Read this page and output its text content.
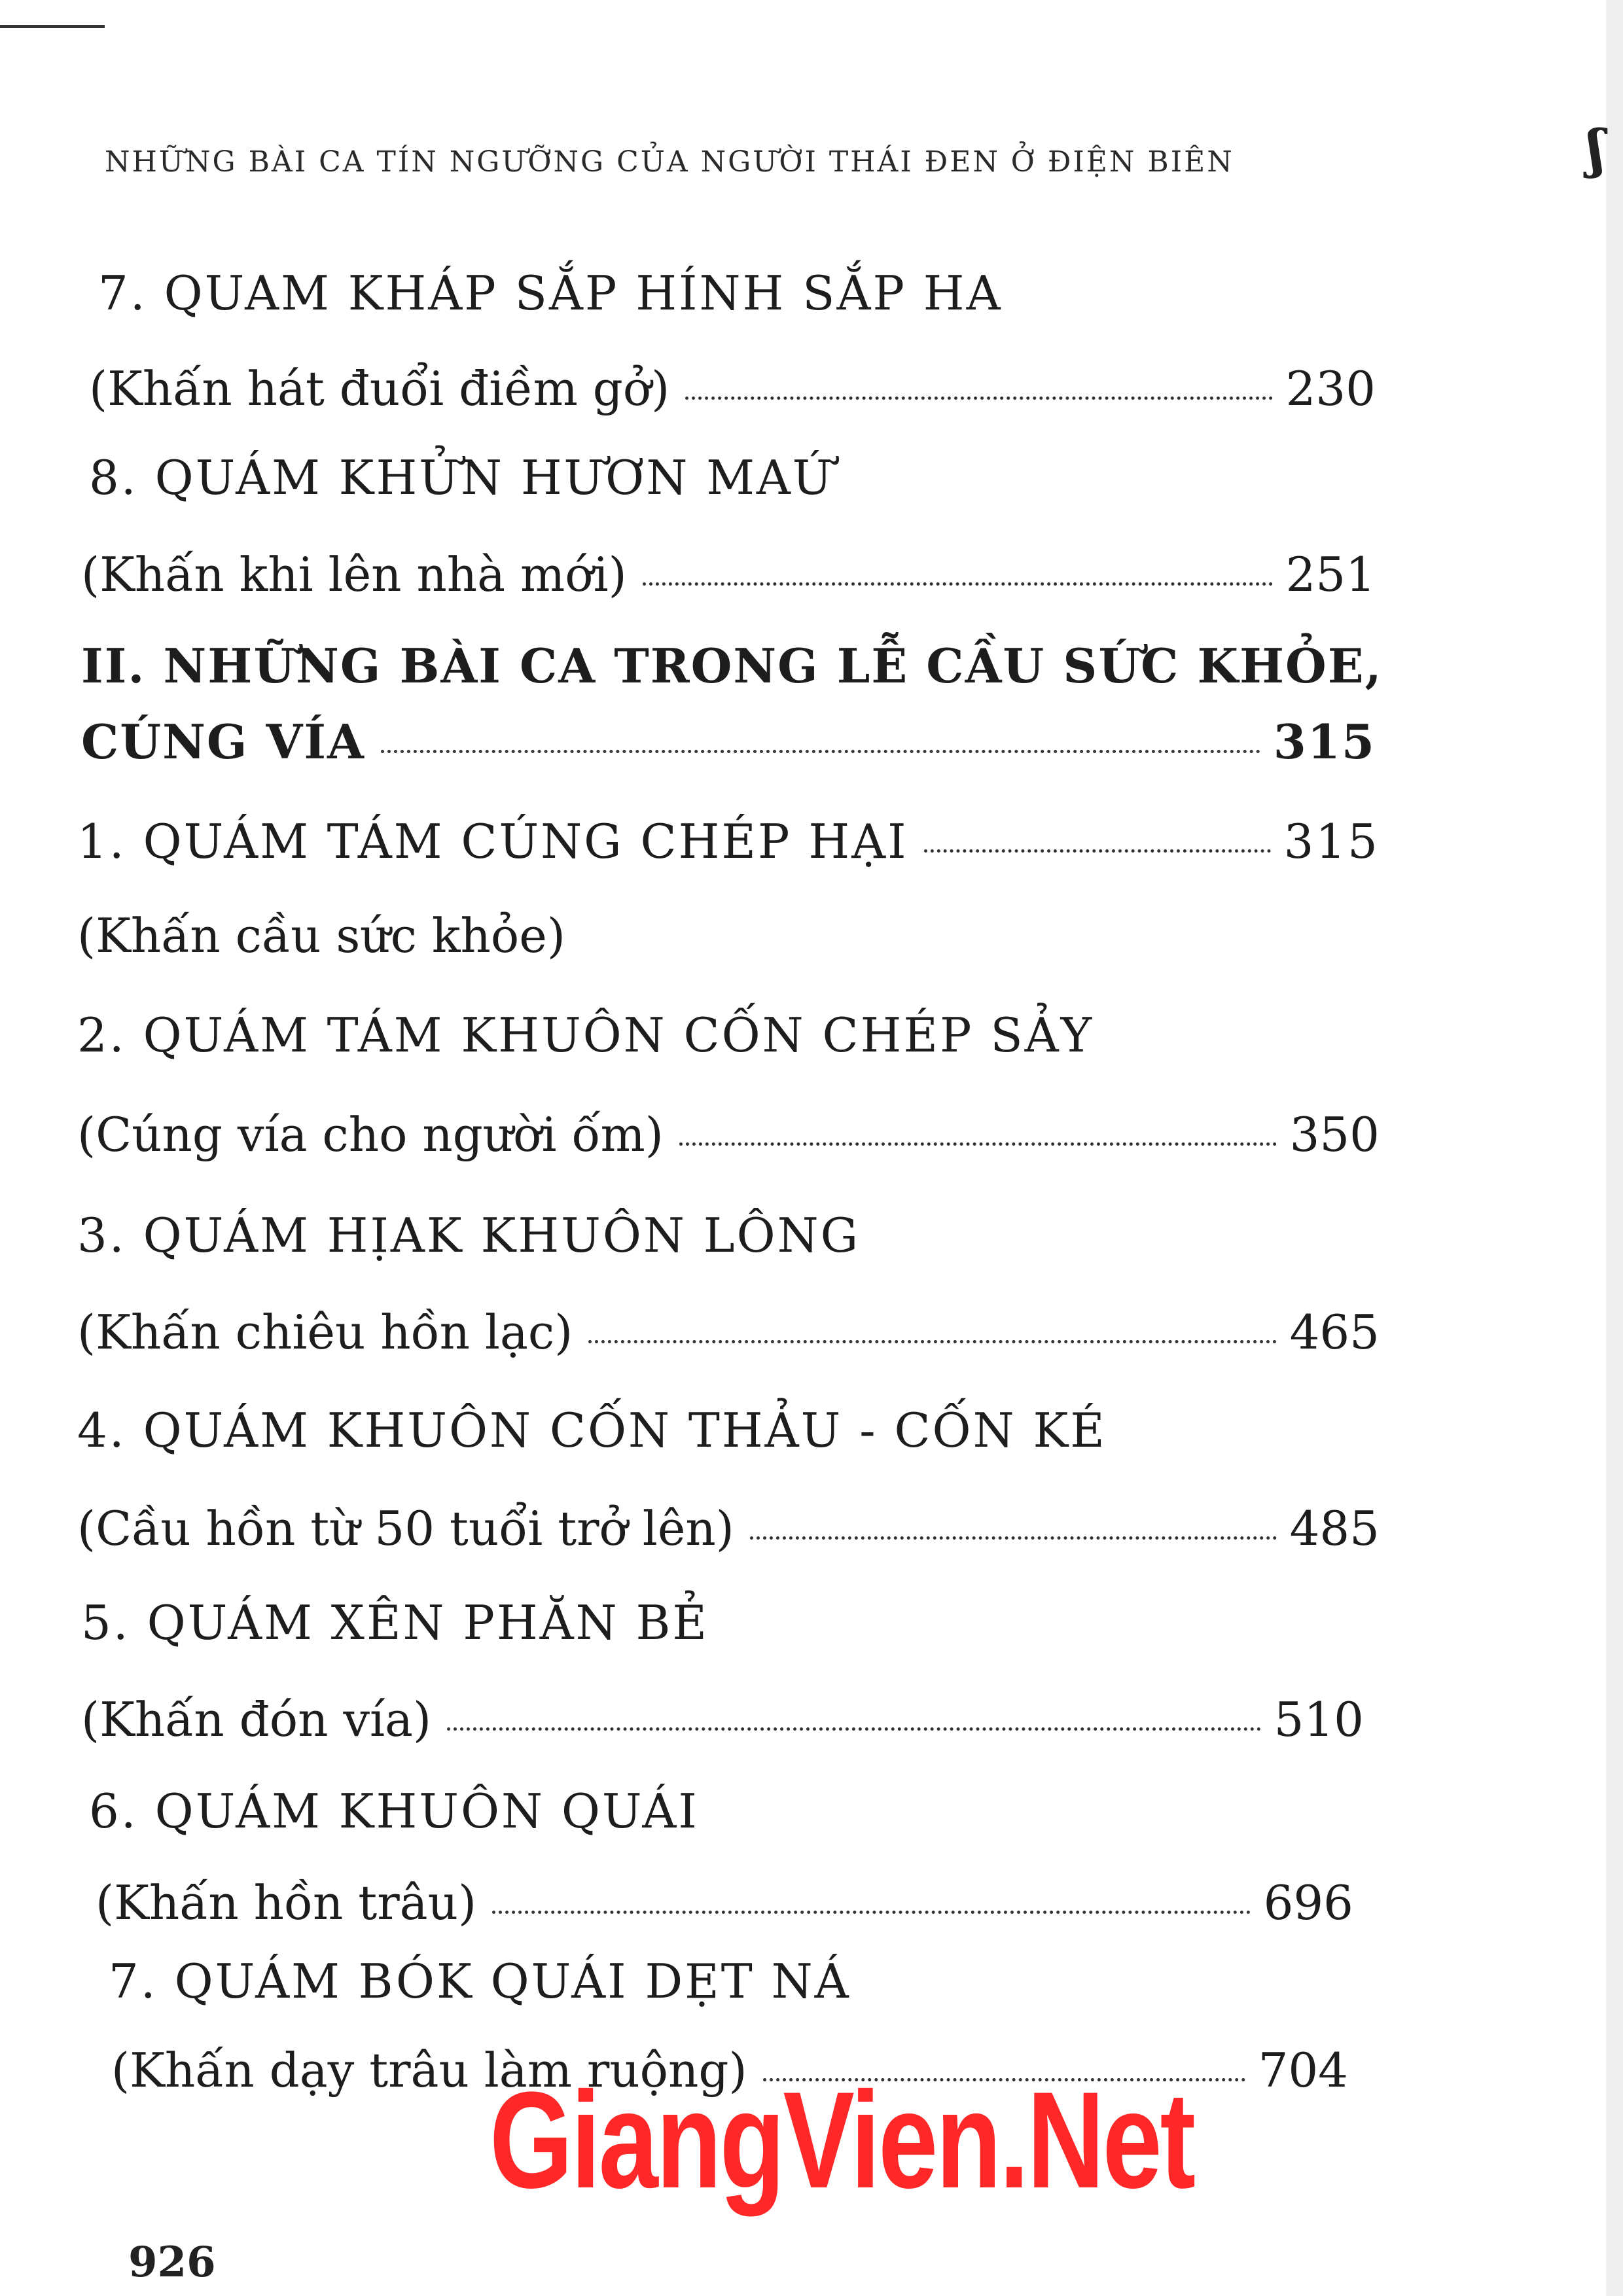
ʃ
NHỮNG BÀI CA TÍN NGƯỠNG CỦA NGƯỜI THÁI ĐEN Ở ĐIỆN BIÊN
7. QUAM KHÁP SẮP HÍNH SẮP HA
(Khấn hát đuổi điềm gở)	230
8. QUÁM KHỬN HƯƠN MAỨ
(Khấn khi lên nhà mới)	251
II. NHỮNG BÀI CA TRONG LỄ CẦU SỨC KHỎE,
CÚNG VÍA	315
1. QUÁM TÁM CÚNG CHÉP HẠI	315
(Khấn cầu sức khỏe)
2. QUÁM TÁM KHUÔN CỐN CHÉP SẢY
(Cúng vía cho người ốm)	350
3. QUÁM HỊAK KHUÔN LÔNG
(Khấn chiêu hồn lạc)	465
4. QUÁM KHUÔN CỐN THẢU - CỐN KÉ
(Cầu hồn từ 50 tuổi trở lên)	485
5. QUÁM XÊN PHĂN BẺ
(Khấn đón vía)	510
6. QUÁM KHUÔN QUÁI
(Khấn hồn trâu)	696
7. QUÁM BÓK QUÁI DẸT NÁ
(Khấn dạy trâu làm ruộng)	704
GiangVien.Net
926
